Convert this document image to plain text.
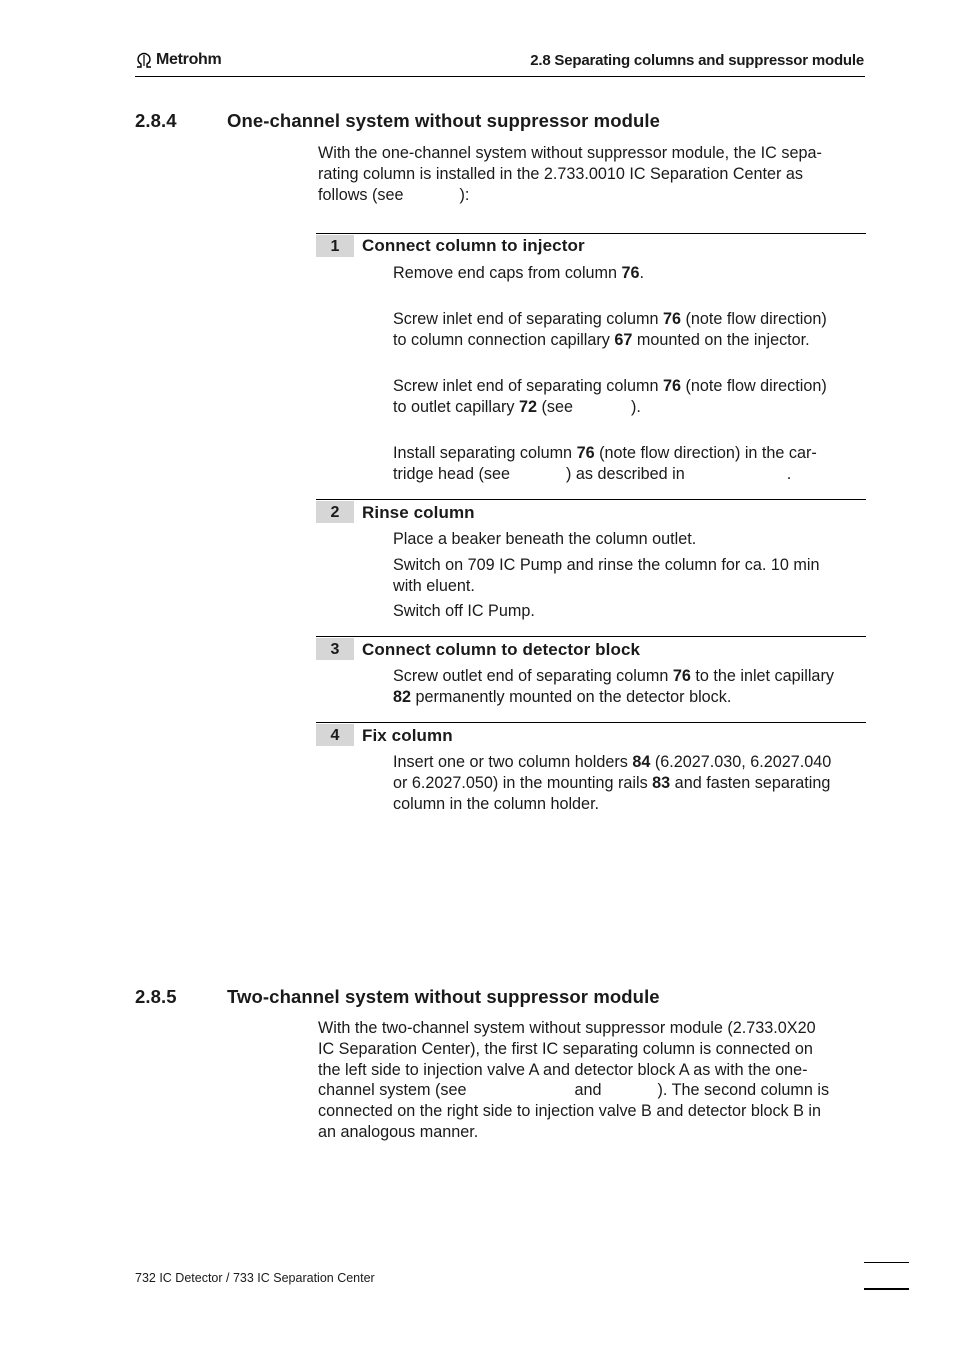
Metrohm	2.8 Separating columns and suppressor module
2.8.4	One-channel system without suppressor module
With the one-channel system without suppressor module, the IC sepa-
rating column is installed in the 2.733.0010 IC Separation Center as
follows (see	):
1	Connect column to injector
Remove end caps from column 76.
Screw inlet end of separating column 76 (note flow direction)
to column connection capillary 67 mounted on the injector.
Screw inlet end of separating column 76 (note flow direction)
to outlet capillary 72 (see	).
Install separating column 76 (note flow direction) in the car-
tridge head (see	) as described in	.
2	Rinse column
Place a beaker beneath the column outlet.
Switch on 709 IC Pump and rinse the column for ca. 10 min
with eluent.
Switch off IC Pump.
3	Connect column to detector block
Screw outlet end of separating column 76 to the inlet capillary
82 permanently mounted on the detector block.
4	Fix column
Insert one or two column holders 84 (6.2027.030, 6.2027.040
or 6.2027.050) in the mounting rails 83 and fasten separating
column in the column holder.
2.8.5	Two-channel system without suppressor module
With the two-channel system without suppressor module (2.733.0X20
IC Separation Center), the first IC separating column is connected on
the left side to injection valve A and detector block A as with the one-
channel system (see	and	). The second column is
connected on the right side to injection valve B and detector block B in
an analogous manner.
732 IC Detector / 733 IC Separation Center
